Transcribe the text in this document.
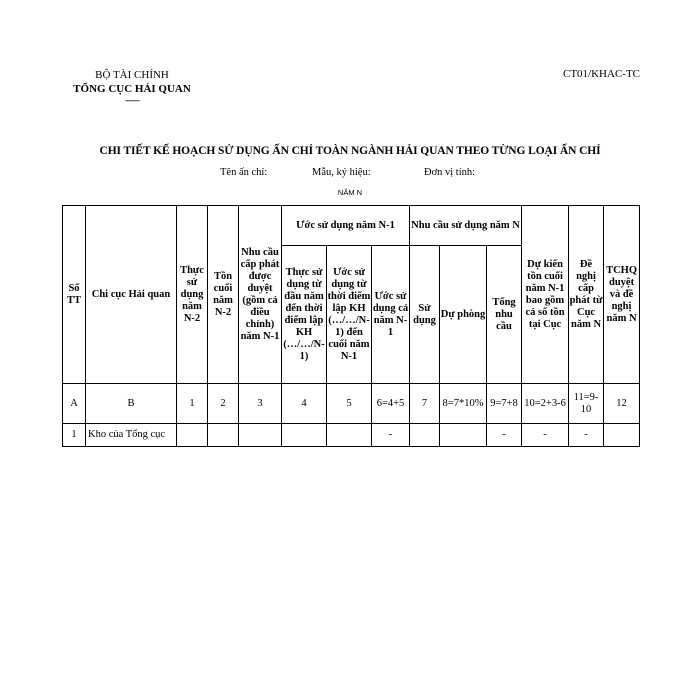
BỘ TÀI CHÍNH
TỔNG CỤC HẢI QUAN
-------
CT01/KHAC-TC
CHI TIẾT KẾ HOẠCH SỬ DỤNG ẤN CHỈ TOÀN NGÀNH HẢI QUAN THEO TỪNG LOẠI ẤN CHỈ
Tên ấn chỉ:	Mẫu, ký hiệu:	Đơn vị tính:
NĂM N
Số TT	Chi cục Hải quan	Thực sử dụng năm N-2	Tồn cuối năm N-2	Nhu cầu cấp phát được duyệt (gồm cả điều chỉnh) năm N-1	Ước sử dụng năm N-1			Nhu cầu sử dụng năm N			Dự kiến tồn cuối năm N-1 bao gồm cả số tồn tại Cục	Đề nghị cấp phát từ Cục năm N	TCHQ duyệt và đề nghị năm N
					Thực sử dụng từ đầu năm đến thời điểm lập KH (…/…/N-1)	Ước sử dụng từ thời điểm lập KH (…/…/N-1) đến cuối năm N-1	Ước sử dụng cả năm N-1	Sử dụng	Dự phòng	Tổng nhu cầu			
A	B	1	2	3	4	5	6=4+5	7	8=7*10%	9=7+8	10=2+3-6	11=9-10	12
1	Kho của Tổng cục						-			-	-	-	
